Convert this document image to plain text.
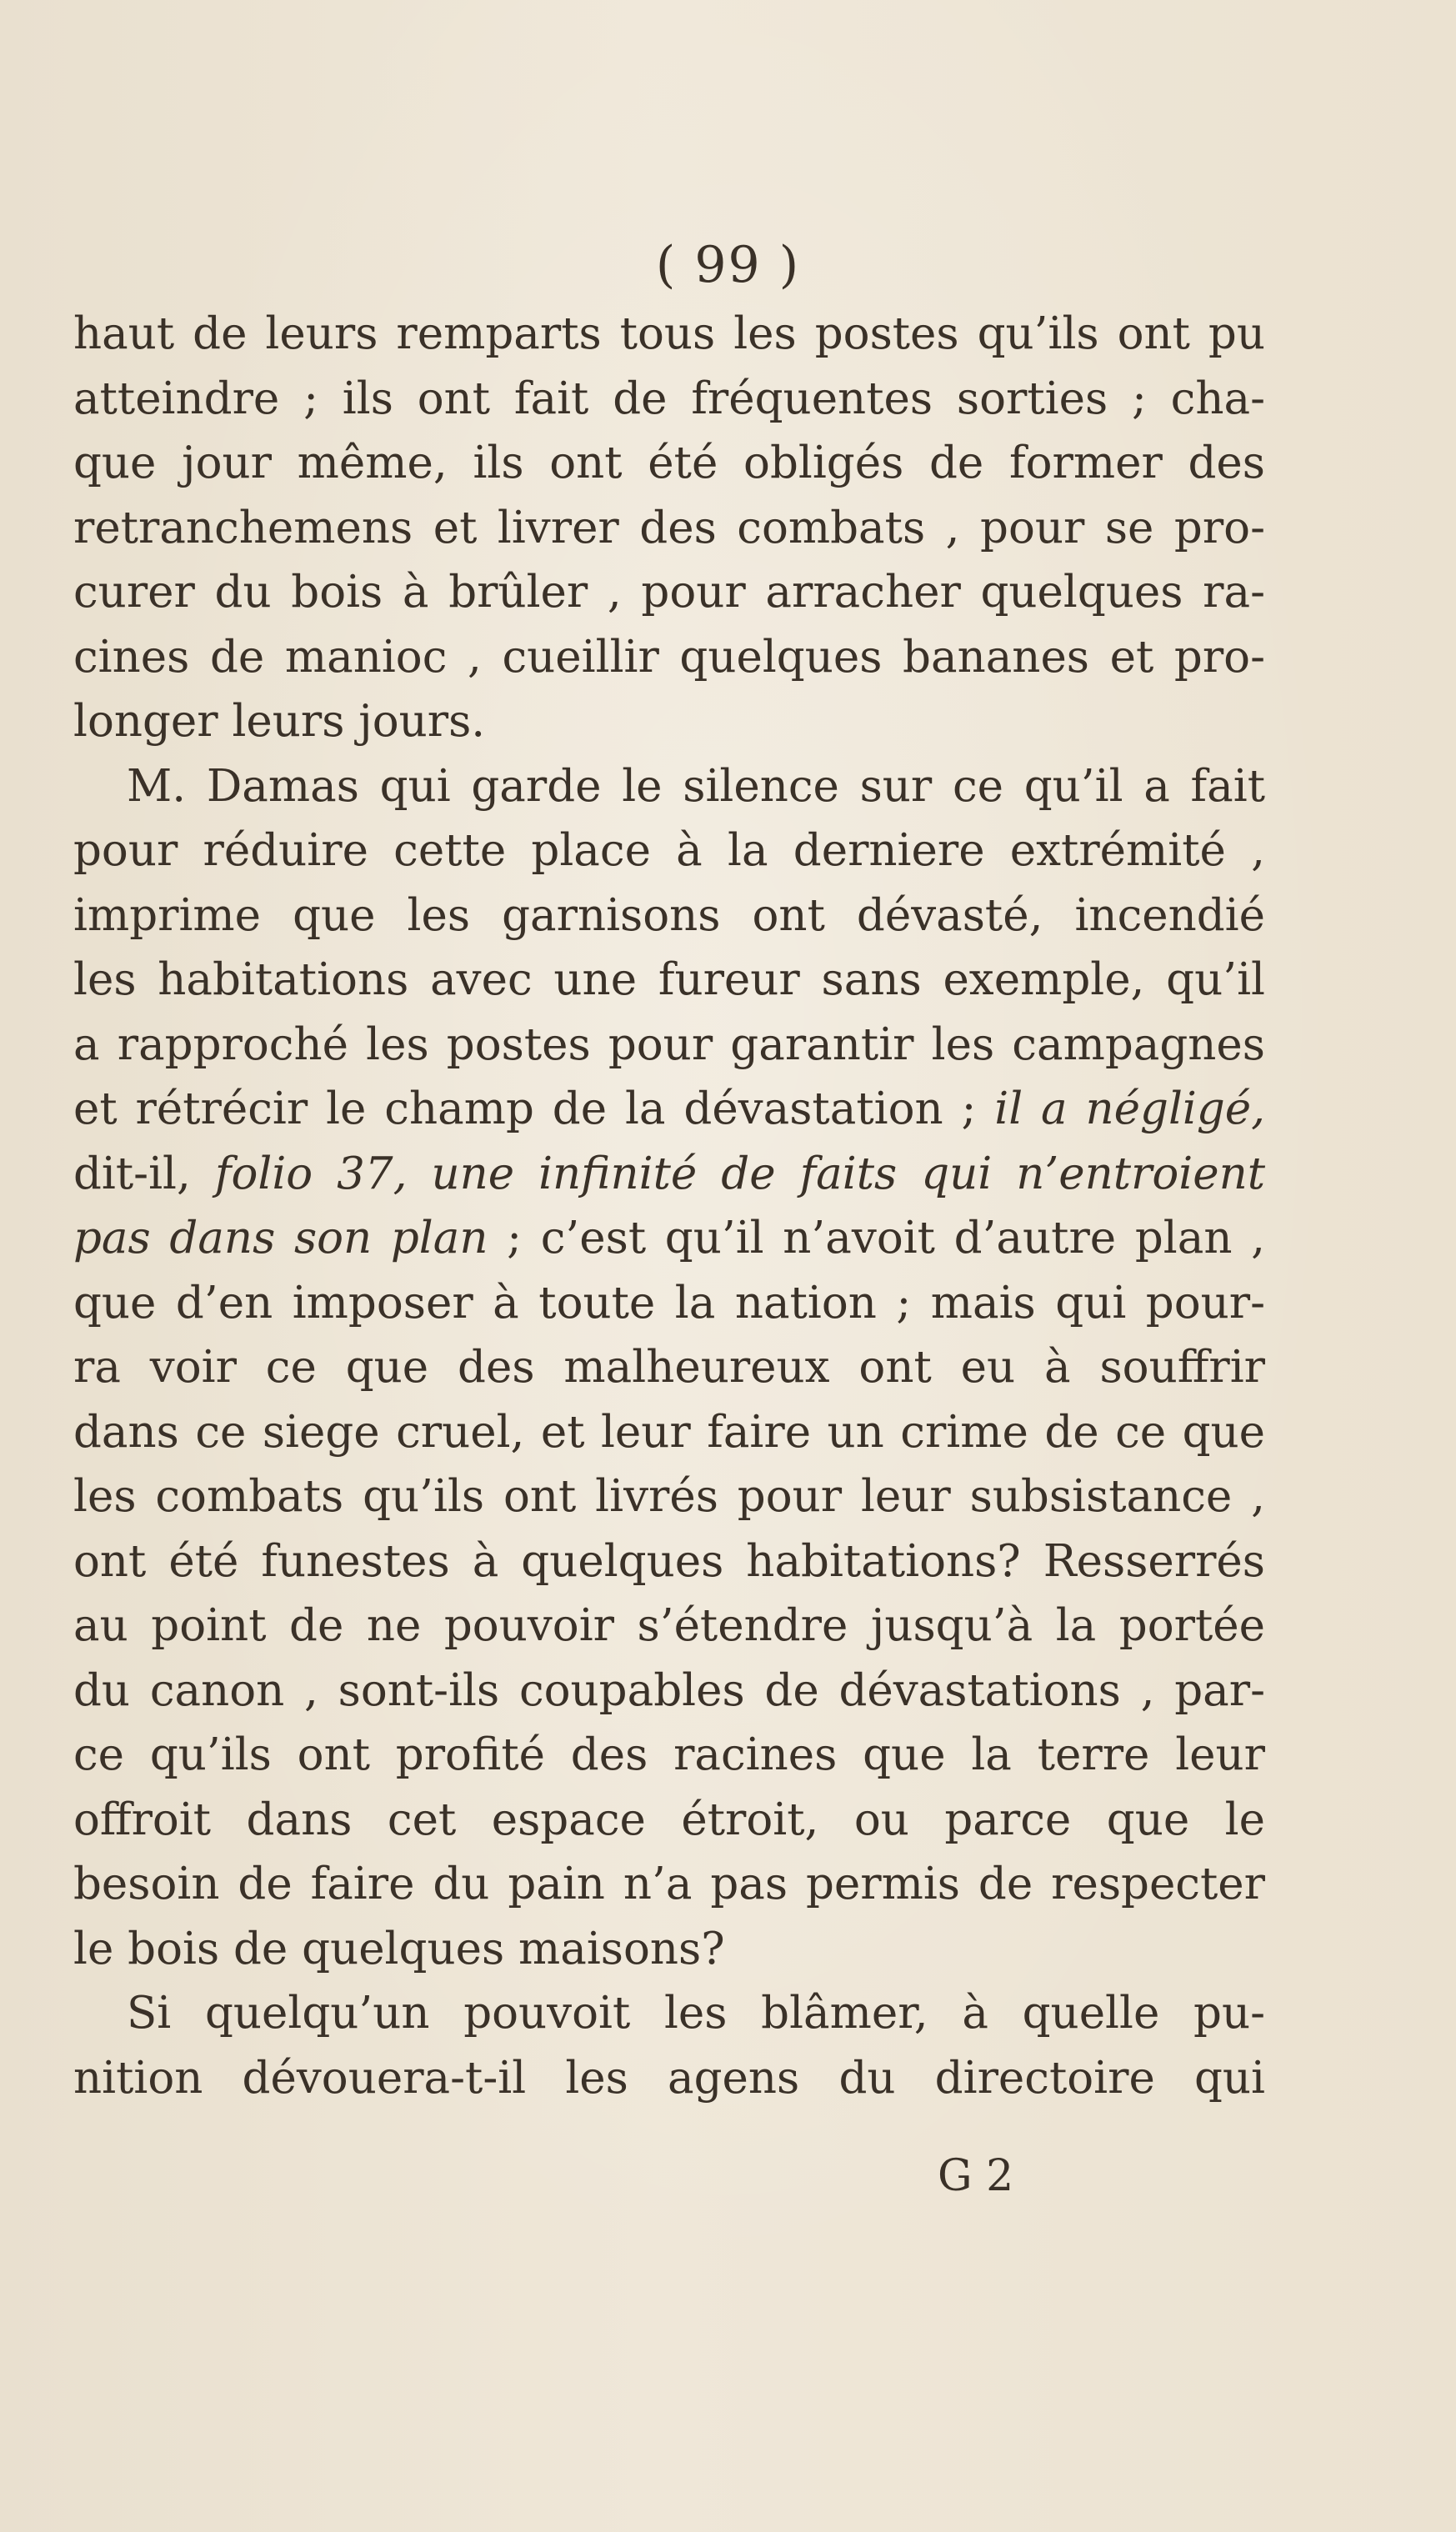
( 99 )
haut de leurs remparts tous les postes qu’ils ont pu
atteindre ; ils ont fait de fréquentes sorties ; cha-
que jour même, ils ont été obligés de former des
retranchemens et livrer des combats , pour se pro-
curer du bois à brûler , pour arracher quelques ra-
cines de manioc , cueillir quelques bananes et pro-
longer leurs jours.
M. Damas qui garde le silence sur ce qu’il a fait
pour réduire cette place à la derniere extrémité ,
imprime que les garnisons ont dévasté, incendié
les habitations avec une fureur sans exemple, qu’il
a rapproché les postes pour garantir les campagnes
et rétrécir le champ de la dévastation ; il a négligé,
dit-il, folio 37, une infinité de faits qui n’entroient
pas dans son plan ; c’est qu’il n’avoit d’autre plan ,
que d’en imposer à toute la nation ; mais qui pour-
ra voir ce que des malheureux ont eu à souffrir
dans ce siege cruel, et leur faire un crime de ce que
les combats qu’ils ont livrés pour leur subsistance ,
ont été funestes à quelques habitations? Resserrés
au point de ne pouvoir s’étendre jusqu’à la portée
du canon , sont-ils coupables de dévastations , par-
ce qu’ils ont profité des racines que la terre leur
offroit dans cet espace étroit, ou parce que le
besoin de faire du pain n’a pas permis de respecter
le bois de quelques maisons?
Si quelqu’un pouvoit les blâmer, à quelle pu-
nition dévouera-t-il les agens du directoire qui
G 2
